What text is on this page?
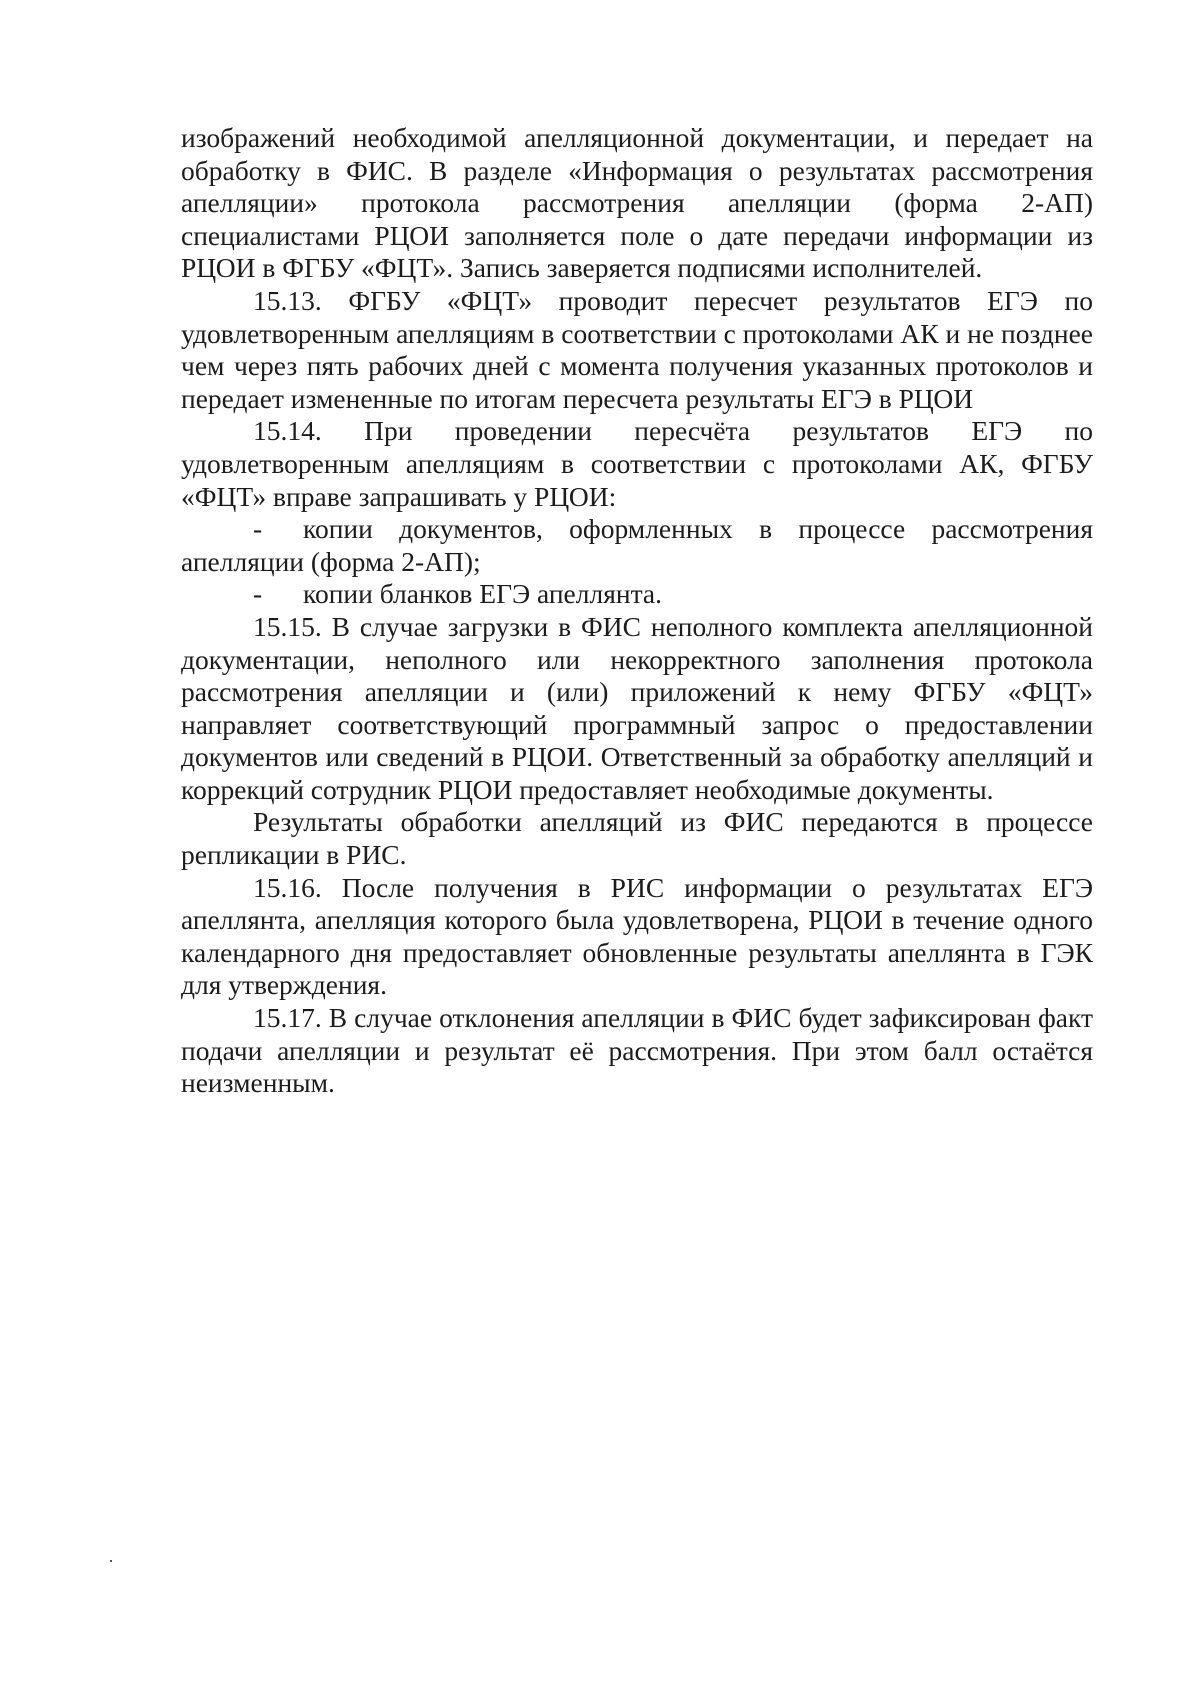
изображений необходимой апелляционной документации, и передает на обработку в ФИС. В разделе «Информация о результатах рассмотрения апелляции» протокола рассмотрения апелляции (форма 2-АП) специалистами РЦОИ заполняется поле о дате передачи информации из РЦОИ в ФГБУ «ФЦТ». Запись заверяется подписями исполнителей.

15.13. ФГБУ «ФЦТ» проводит пересчет результатов ЕГЭ по удовлетворенным апелляциям в соответствии с протоколами АК и не позднее чем через пять рабочих дней с момента получения указанных протоколов и передает измененные по итогам пересчета результаты ЕГЭ в РЦОИ

15.14. При проведении пересчёта результатов ЕГЭ по удовлетворенным апелляциям в соответствии с протоколами АК, ФГБУ «ФЦТ» вправе запрашивать у РЦОИ:

- копии документов, оформленных в процессе рассмотрения апелляции (форма 2-АП);

- копии бланков ЕГЭ апеллянта.

15.15. В случае загрузки в ФИС неполного комплекта апелляционной документации, неполного или некорректного заполнения протокола рассмотрения апелляции и (или) приложений к нему ФГБУ «ФЦТ» направляет соответствующий программный запрос о предоставлении документов или сведений в РЦОИ. Ответственный за обработку апелляций и коррекций сотрудник РЦОИ предоставляет необходимые документы.

Результаты обработки апелляций из ФИС передаются в процессе репликации в РИС.

15.16. После получения в РИС информации о результатах ЕГЭ апеллянта, апелляция которого была удовлетворена, РЦОИ в течение одного календарного дня предоставляет обновленные результаты апеллянта в ГЭК для утверждения.

15.17. В случае отклонения апелляции в ФИС будет зафиксирован факт подачи апелляции и результат её рассмотрения. При этом балл остаётся неизменным.
